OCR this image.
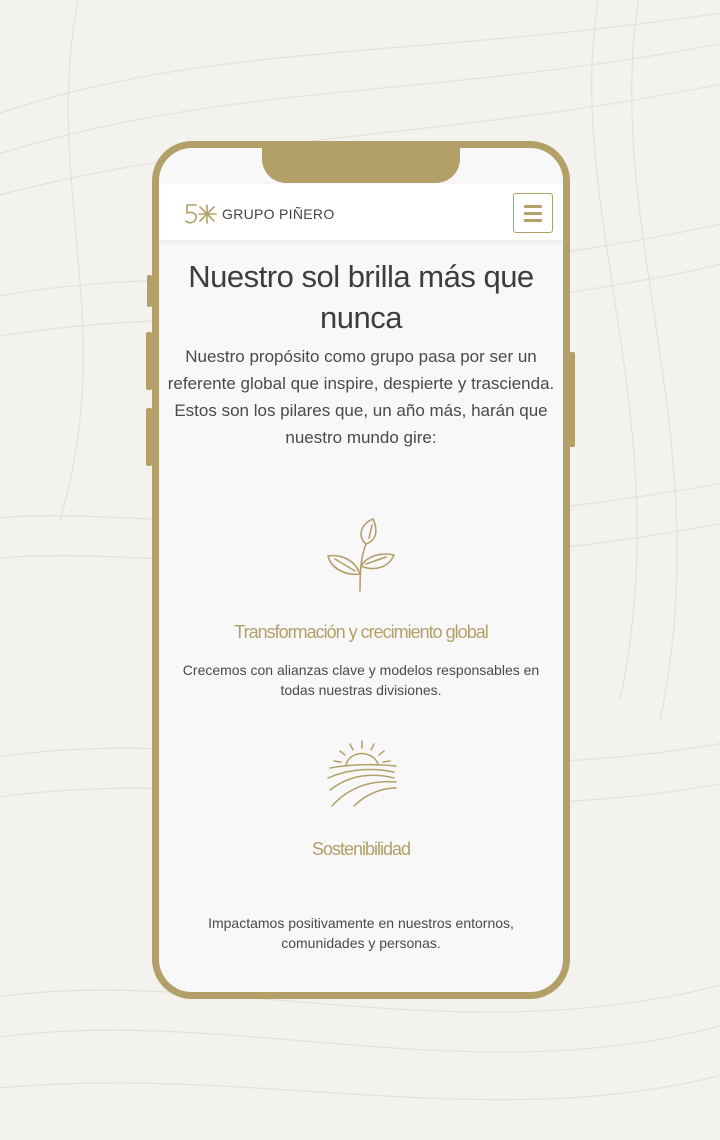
GRUPO PIÑERO
Nuestro sol brilla más que nunca

Nuestro propósito como grupo pasa por ser un referente global que inspire, despierte y trascienda. Estos son los pilares que, un año más, harán que nuestro mundo gire:

Transformación y crecimiento global

Crecemos con alianzas clave y modelos responsables en todas nuestras divisiones.

Sostenibilidad

Impactamos positivamente en nuestros entornos, comunidades y personas.
